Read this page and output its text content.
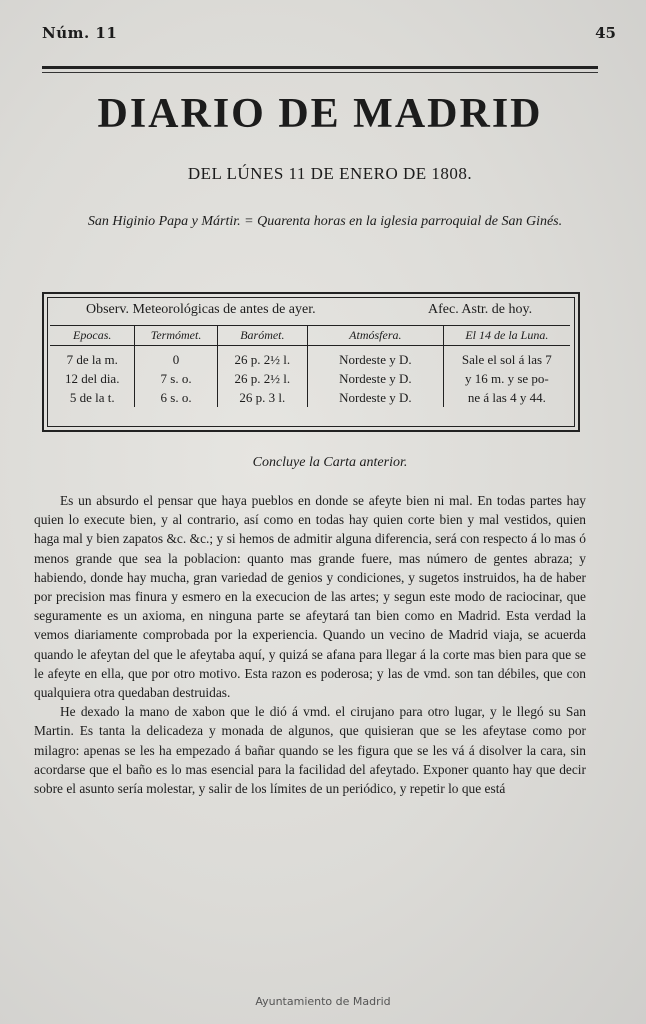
Núm. 11	45
DIARIO DE MADRID
DEL LÚNES 11 DE ENERO DE 1808.
San Higinio Papa y Mártir. = Quarenta horas en la iglesia parroquial de San Ginés.
Observ. Meteorológicas de antes de ayer.	Afec. Astr. de hoy.
Epocas.	Termómet.	Barómet.	Atmósfera.	El 14 de la Luna.
7 de la m.	0	26 p. 2½ l.	Nordeste y D.	Sale el sol á las 7
12 del dia.	7 s. o.	26 p. 2½ l.	Nordeste y D.	y 16 m. y se po-
5 de la t.	6 s. o.	26 p. 3 l.	Nordeste y D.	ne á las 4 y 44.
Concluye la Carta anterior.

Es un absurdo el pensar que haya pueblos en donde se afeyte bien ni mal. En todas partes hay quien lo execute bien, y al contrario, así como en todas hay quien corte bien y mal vestidos, quien haga mal y bien zapatos &c. &c.; y si hemos de admitir alguna diferencia, será con respecto á lo mas ó menos grande que sea la poblacion: quanto mas grande fuere, mas número de gentes abraza; y habiendo, donde hay mucha, gran variedad de genios y condiciones, y sugetos instruidos, ha de haber por precision mas finura y esmero en la execucion de las artes; y segun este modo de raciocinar, que seguramente es un axioma, en ninguna parte se afeytará tan bien como en Madrid. Esta verdad la vemos diariamente comprobada por la experiencia. Quando un vecino de Madrid viaja, se acuerda quando le afeytan del que le afeytaba aquí, y quizá se afana para llegar á la corte mas bien para que se le afeyte en ella, que por otro motivo. Esta razon es poderosa; y las de vmd. son tan débiles, que con qualquiera otra quedaban destruidas.

He dexado la mano de xabon que le dió á vmd. el cirujano para otro lugar, y le llegó su San Martin. Es tanta la delicadeza y monada de algunos, que quisieran que se les afeytase como por milagro: apenas se les ha empezado á bañar quando se les figura que se les vá á disolver la cara, sin acordarse que el baño es lo mas esencial para la facilidad del afeytado. Exponer quanto hay que decir sobre el asunto sería molestar, y salir de los límites de un periódico, y repetir lo que está

Ayuntamiento de Madrid
